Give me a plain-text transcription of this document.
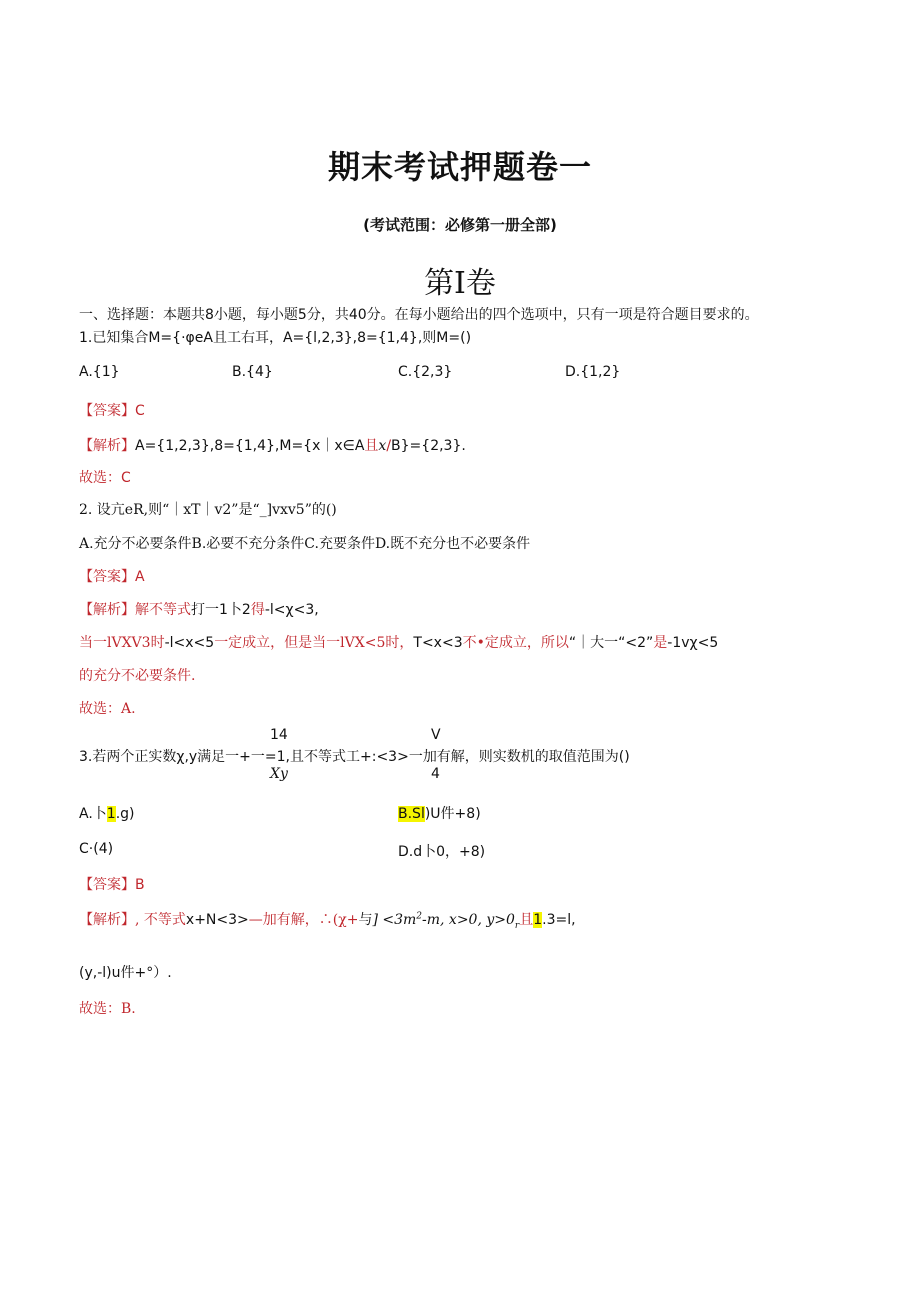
期末考试押题卷一
(考试范围：必修第一册全部)
第I卷
一、选择题：本题共8小题，每小题5分，共40分。在每小题给出的四个选项中，只有一项是符合题目要求的。
1.已知集合M={·φeA且工右耳，A={l,2,3},8={1,4},则M=()
A.{1}	B.{4}	C.{2,3}	D.{1,2}
【答案】C
【解析】A={1,2,3},8={1,4},M={x｜x∈A且x/B}={2,3}.
故选：C
2. 设亢eR,则“｜xT｜v2”是“_]vxv5”的()
A.充分不必要条件B.必要不充分条件C.充要条件D.既不充分也不必要条件
【答案】A
【解析】解不等式打一1卜2得-l<χ<3,
当一lVXV3时-l<x<5一定成立，但是当一lVX<5时，T<x<3不•定成立，所以“｜大一“<2”是-1vχ<5
的充分不必要条件.
故选：A.
14
Xy
V
4
3.若两个正实数χ,y满足一+一=1,且不等式工+:<3>一加有解，则实数机的取值范围为()
A.卜1.g)	B.Sl)U件+8)
C·(4)	D.d卜0，+8)
【答案】B
【解析】, 不等式x+N<3>—加有解，∴(χ+与] $<3m^2-m$, x>0, $y>0_r$且1.3=l,
(y,-l)u件+°）.
故选：B.
